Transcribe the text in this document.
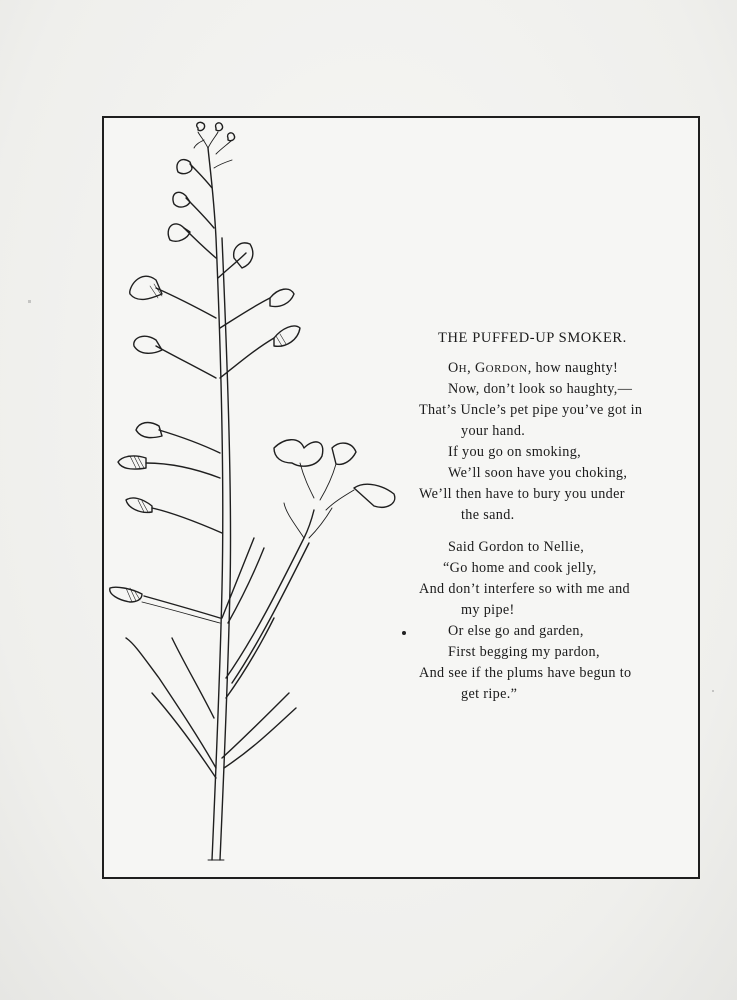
THE PUFFED-UP SMOKER.
OH, GORDON, how naughty!
Now, don’t look so haughty,—
That’s Uncle’s pet pipe you’ve got in
your hand.
If you go on smoking,
We’ll soon have you choking,
We’ll then have to bury you under
the sand.
Said Gordon to Nellie,
“Go home and cook jelly,
And don’t interfere so with me and
my pipe!
Or else go and garden,
First begging my pardon,
And see if the plums have begun to
get ripe.”
